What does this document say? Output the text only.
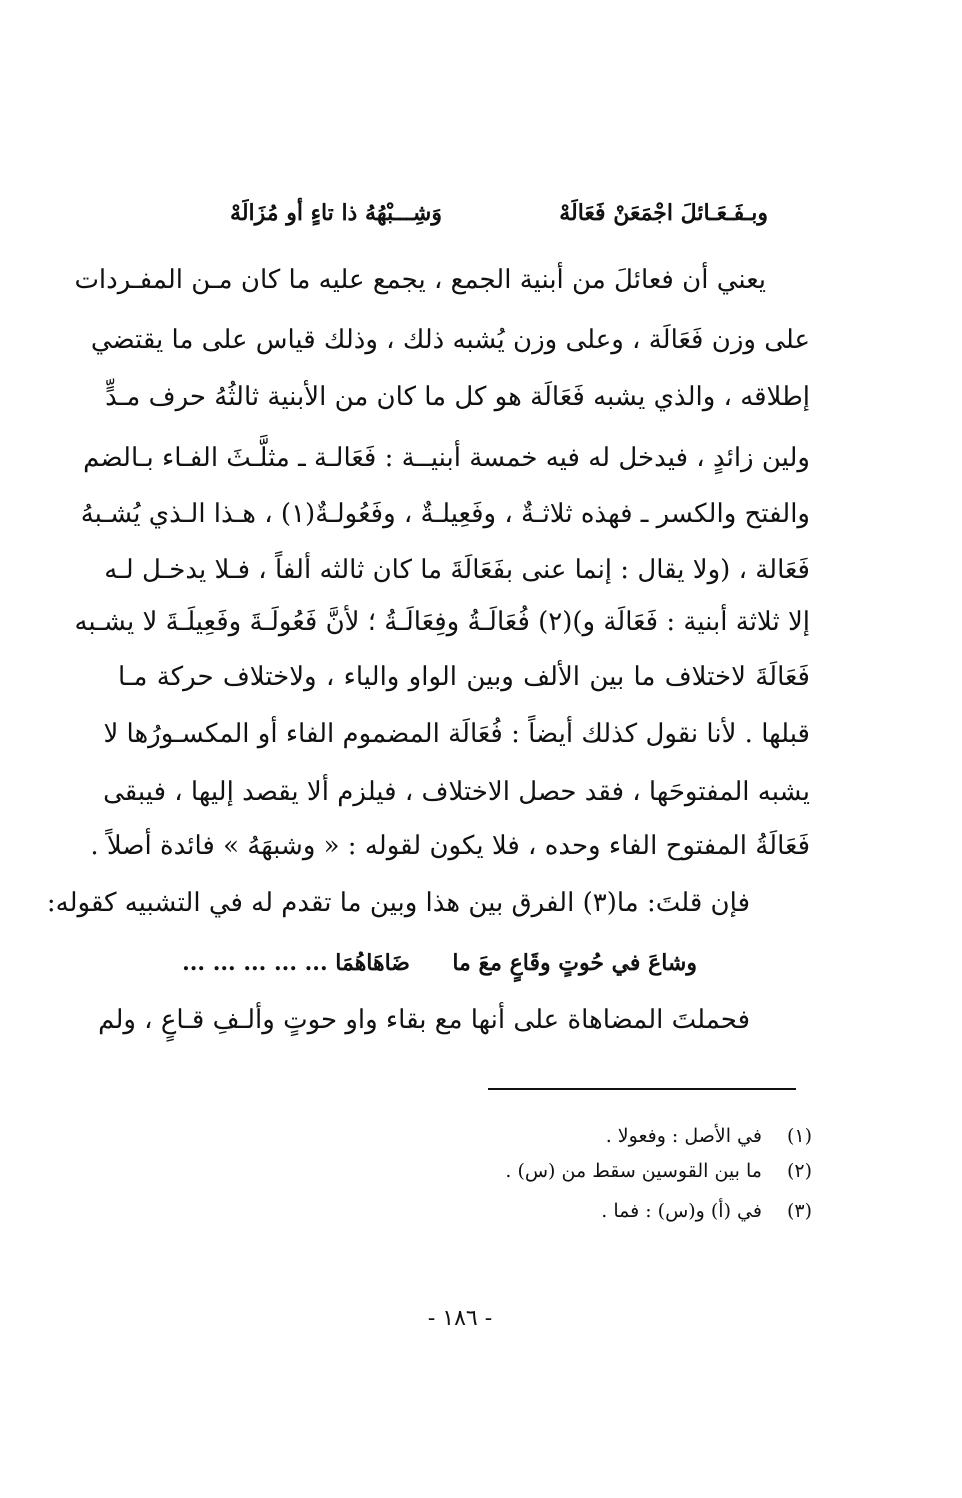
وبـفَـعَـائلَ اجْمَعَنْ فَعَالَهْ
وَشِـــبْهُهُ ذا تاءٍ أو مُزَالَهْ
يعني أن فعائلَ من أبنية الجمع ، يجمع عليه ما كان مـن المفـردات
على وزن فَعَالَة ، وعلى وزن يُشبه ذلك ، وذلك قياس على ما يقتضي
إطلاقه ، والذي يشبه فَعَالَة هو كل ما كان من الأبنية ثالثُهُ حرف مـدٍّ
ولين زائدٍ ، فيدخل له فيه خمسة أبنيــة : فَعَالـة ـ مثلَّـثَ الفـاء بـالضم
والفتح والكسر ـ فهذه ثلاثـةٌ ، وفَعِيلـةٌ ، وفَعُولـةٌ(١) ، هـذا الـذي يُشـبهُ
فَعَالة ، (ولا يقال : إنما عنى بفَعَالَةَ ما كان ثالثه ألفاً ، فـلا يدخـل لـه
إلا ثلاثة أبنية : فَعَالَة و)(٢) فُعَالَـةُ وفِعَالَـةُ ؛ لأنَّ فَعُولَـةَ وفَعِيلَـةَ لا يشـبه
فَعَالَةَ لاختلاف ما بين الألف وبين الواو والياء ، ولاختلاف حركة مـا
قبلها . لأنا نقول كذلك أيضاً : فُعَالَة المضموم الفاء أو المكسـورُها لا
يشبه المفتوحَها ، فقد حصل الاختلاف ، فيلزم ألا يقصد إليها ، فيبقى
فَعَالَةُ المفتوح الفاء وحده ، فلا يكون لقوله : « وشبهَهُ » فائدة أصلاً .
فإن قلتَ: ما(٣) الفرق بين هذا وبين ما تقدم له في التشبيه كقوله:
وشاعَ في حُوتٍ وقَاعٍ معَ ما
ضَاهَاهُمَا ... ... ... ... ...
فحملتَ المضاهاة على أنها مع بقاء واو حوتٍ وألـفِ قـاعٍ ، ولم
(١) في الأصل : وفعولا .
(٢) ما بين القوسين سقط من (س) .
(٣) في (أ) و(س) : فما .
- ١٨٦ -
